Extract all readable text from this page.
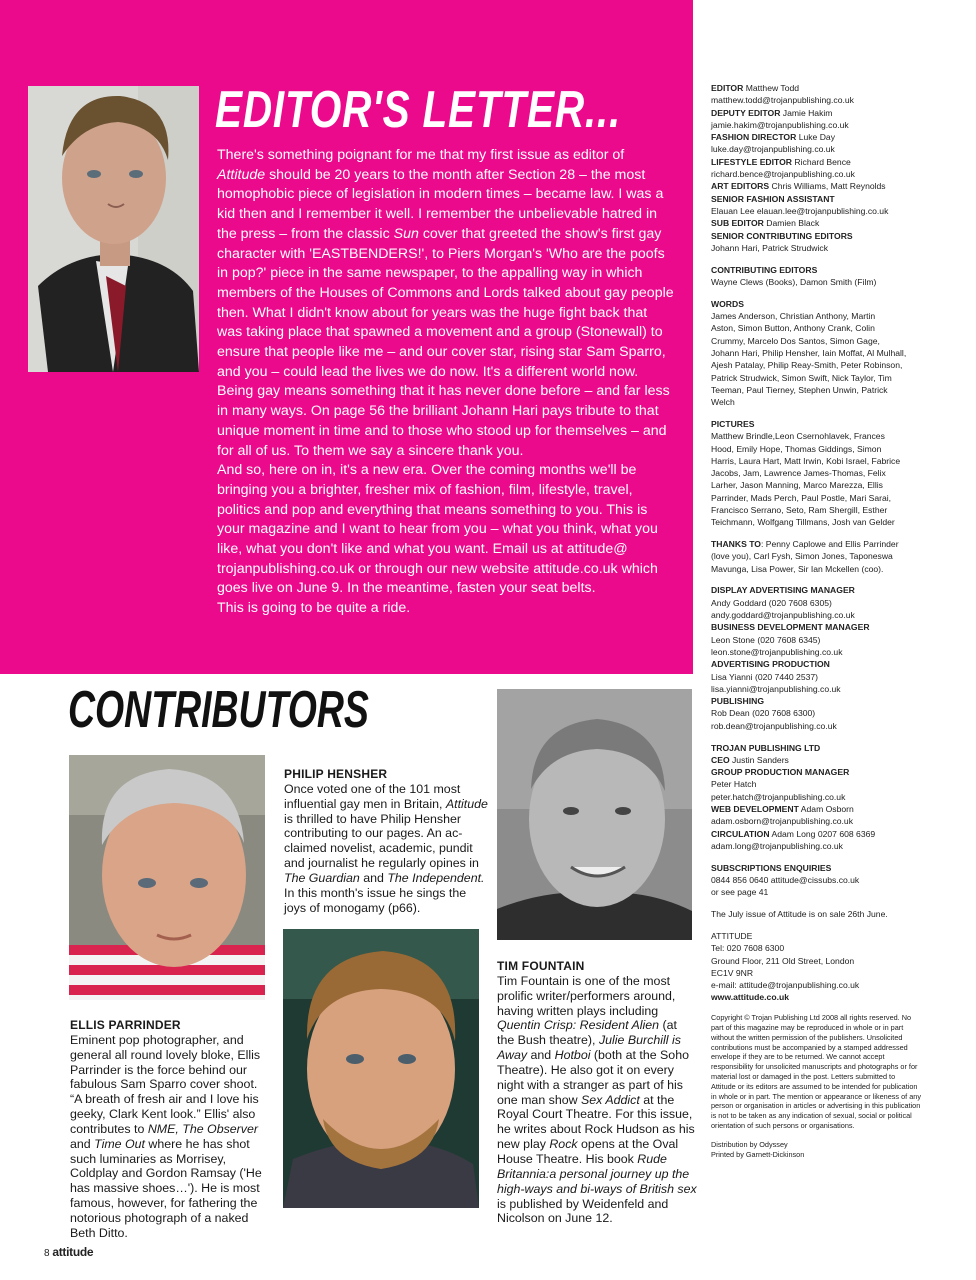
EDITOR'S LETTER...

There's something poignant for me that my first issue as editor of Attitude should be 20 years to the month after Section 28 – the most homophobic piece of legislation in modern times – became law. I was a kid then and I remember it well. I remember the unbelievable hatred in the press – from the classic Sun cover that greeted the show's first gay character with 'EASTBENDERS!', to Piers Morgan's 'Who are the poofs in pop?' piece in the same newspaper, to the appalling way in which members of the Houses of Commons and Lords talked about gay people then. What I didn't know about for years was the huge fight back that was taking place that spawned a movement and a group (Stonewall) to ensure that people like me – and our cover star, rising star Sam Sparro, and you – could lead the lives we do now. It's a different world now. Being gay means something that it has never done before – and far less in many ways. On page 56 the brilliant Johann Hari pays tribute to that unique moment in time and to those who stood up for themselves – and for all of us. To them we say a sincere thank you.

And so, here on in, it's a new era. Over the coming months we'll be bringing you a brighter, fresher mix of fashion, film, lifestyle, travel, politics and pop and everything that means something to you. This is your magazine and I want to hear from you – what you think, what you like, what you don't like and what you want. Email us at attitude@ trojanpublishing.co.uk or through our new website attitude.co.uk which goes live on June 9. In the meantime, fasten your seat belts.

This is going to be quite a ride.

Matthew Todd
CONTRIBUTORS
PHILIP HENSHER
Once voted one of the 101 most influential gay men in Britain, Attitude is thrilled to have Philip Hensher contributing to our pages. An ac-claimed novelist, academic, pundit and journalist he regularly opines in The Guardian and The Independent. In this month's issue he sings the joys of monogamy (p66).
ELLIS PARRINDER
Eminent pop photographer, and general all round lovely bloke, Ellis Parrinder is the force behind our fabulous Sam Sparro cover shoot. “A breath of fresh air and I love his geeky, Clark Kent look.” Ellis' also contributes to NME, The Observer and Time Out where he has shot such luminaries as Morrisey, Coldplay and Gordon Ramsay ('He has massive shoes…'). He is most famous, however, for fathering the notorious photograph of a naked Beth Ditto.
TIM FOUNTAIN
Tim Fountain is one of the most prolific writer/performers around, having written plays including Quentin Crisp: Resident Alien (at the Bush theatre), Julie Burchill is Away and Hotboi (both at the Soho Theatre). He also got it on every night with a stranger as part of his one man show Sex Addict at the Royal Court Theatre. For this issue, he writes about Rock Hudson as his new play Rock opens at the Oval House Theatre. His book Rude Britannia:a personal journey up the high-ways and bi-ways of British sex is published by Weidenfeld and Nicolson on June 12.
EDITOR Matthew Todd
matthew.todd@trojanpublishing.co.uk
DEPUTY EDITOR Jamie Hakim
jamie.hakim@trojanpublishing.co.uk
FASHION DIRECTOR Luke Day
luke.day@trojanpublishing.co.uk
LIFESTYLE EDITOR Richard Bence
richard.bence@trojanpublishing.co.uk
ART EDITORS Chris Williams, Matt Reynolds
SENIOR FASHION ASSISTANT
Elauan Lee elauan.lee@trojanpublishing.co.uk
SUB EDITOR Damien Black
SENIOR CONTRIBUTING EDITORS
Johann Hari, Patrick Strudwick
CONTRIBUTING EDITORS
Wayne Clews (Books), Damon Smith (Film)
WORDS
James Anderson, Christian Anthony, Martin
Aston, Simon Button, Anthony Crank, Colin
Crummy, Marcelo Dos Santos, Simon Gage,
Johann Hari, Philip Hensher, Iain Moffat, Al Mulhall,
Ajesh Patalay, Philip Reay-Smith, Peter Robinson,
Patrick Strudwick, Simon Swift, Nick Taylor, Tim
Teeman, Paul Tierney, Stephen Unwin, Patrick
Welch
PICTURES
Matthew Brindle,Leon Csernohlavek, Frances
Hood, Emily Hope, Thomas Giddings, Simon
Harris, Laura Hart, Matt Irwin, Kobi Israel, Fabrice
Jacobs, Jam, Lawrence James-Thomas, Felix
Larher, Jason Manning, Marco Marezza, Ellis
Parrinder, Mads Perch, Paul Postle, Mari Sarai,
Francisco Serrano, Seto, Ram Shergill, Esther
Teichmann, Wolfgang Tillmans, Josh van Gelder
THANKS TO: Penny Caplowe and Ellis Parrinder
(love you), Carl Fysh, Simon Jones, Taponeswa
Mavunga, Lisa Power, Sir Ian Mckellen (coo).
DISPLAY ADVERTISING MANAGER
Andy Goddard (020 7608 6305)
andy.goddard@trojanpublishing.co.uk
BUSINESS DEVELOPMENT MANAGER
Leon Stone (020 7608 6345)
leon.stone@trojanpublishing.co.uk
ADVERTISING PRODUCTION
Lisa Yianni (020 7440 2537)
lisa.yianni@trojanpublishing.co.uk
PUBLISHING
Rob Dean (020 7608 6300)
rob.dean@trojanpublishing.co.uk
TROJAN PUBLISHING LTD
CEO Justin Sanders
GROUP PRODUCTION MANAGER
Peter Hatch
peter.hatch@trojanpublishing.co.uk
WEB DEVELOPMENT Adam Osborn
adam.osborn@trojanpublishing.co.uk
CIRCULATION Adam Long 0207 608 6369
adam.long@trojanpublishing.co.uk
SUBSCRIPTIONS ENQUIRIES
0844 856 0640 attitude@cissubs.co.uk
or see page 41
The July issue of Attitude is on sale 26th June.
ATTITUDE
Tel: 020 7608 6300
Ground Floor, 211 Old Street, London
EC1V 9NR
e-mail: attitude@trojanpublishing.co.uk
www.attitude.co.uk
Copyright © Trojan Publishing Ltd 2008 all rights reserved. No part of this magazine may be reproduced in whole or in part without the written permission of the publishers. Unsolicited contributions must be accompanied by a stamped addressed envelope if they are to be returned. We cannot accept responsibility for unsolicited manuscripts and photographs or for material lost or damaged in the post. Letters submitted to Attitude or its editors are assumed to be intended for publication in whole or in part. The mention or appearance or likeness of any person or organisation in articles or advertising in this publication is not to be taken as any indication of sexual, social or political orientation of such persons or organisations.
Distribution by Odyssey
Printed by Garnett-Dickinson
8 attitude
